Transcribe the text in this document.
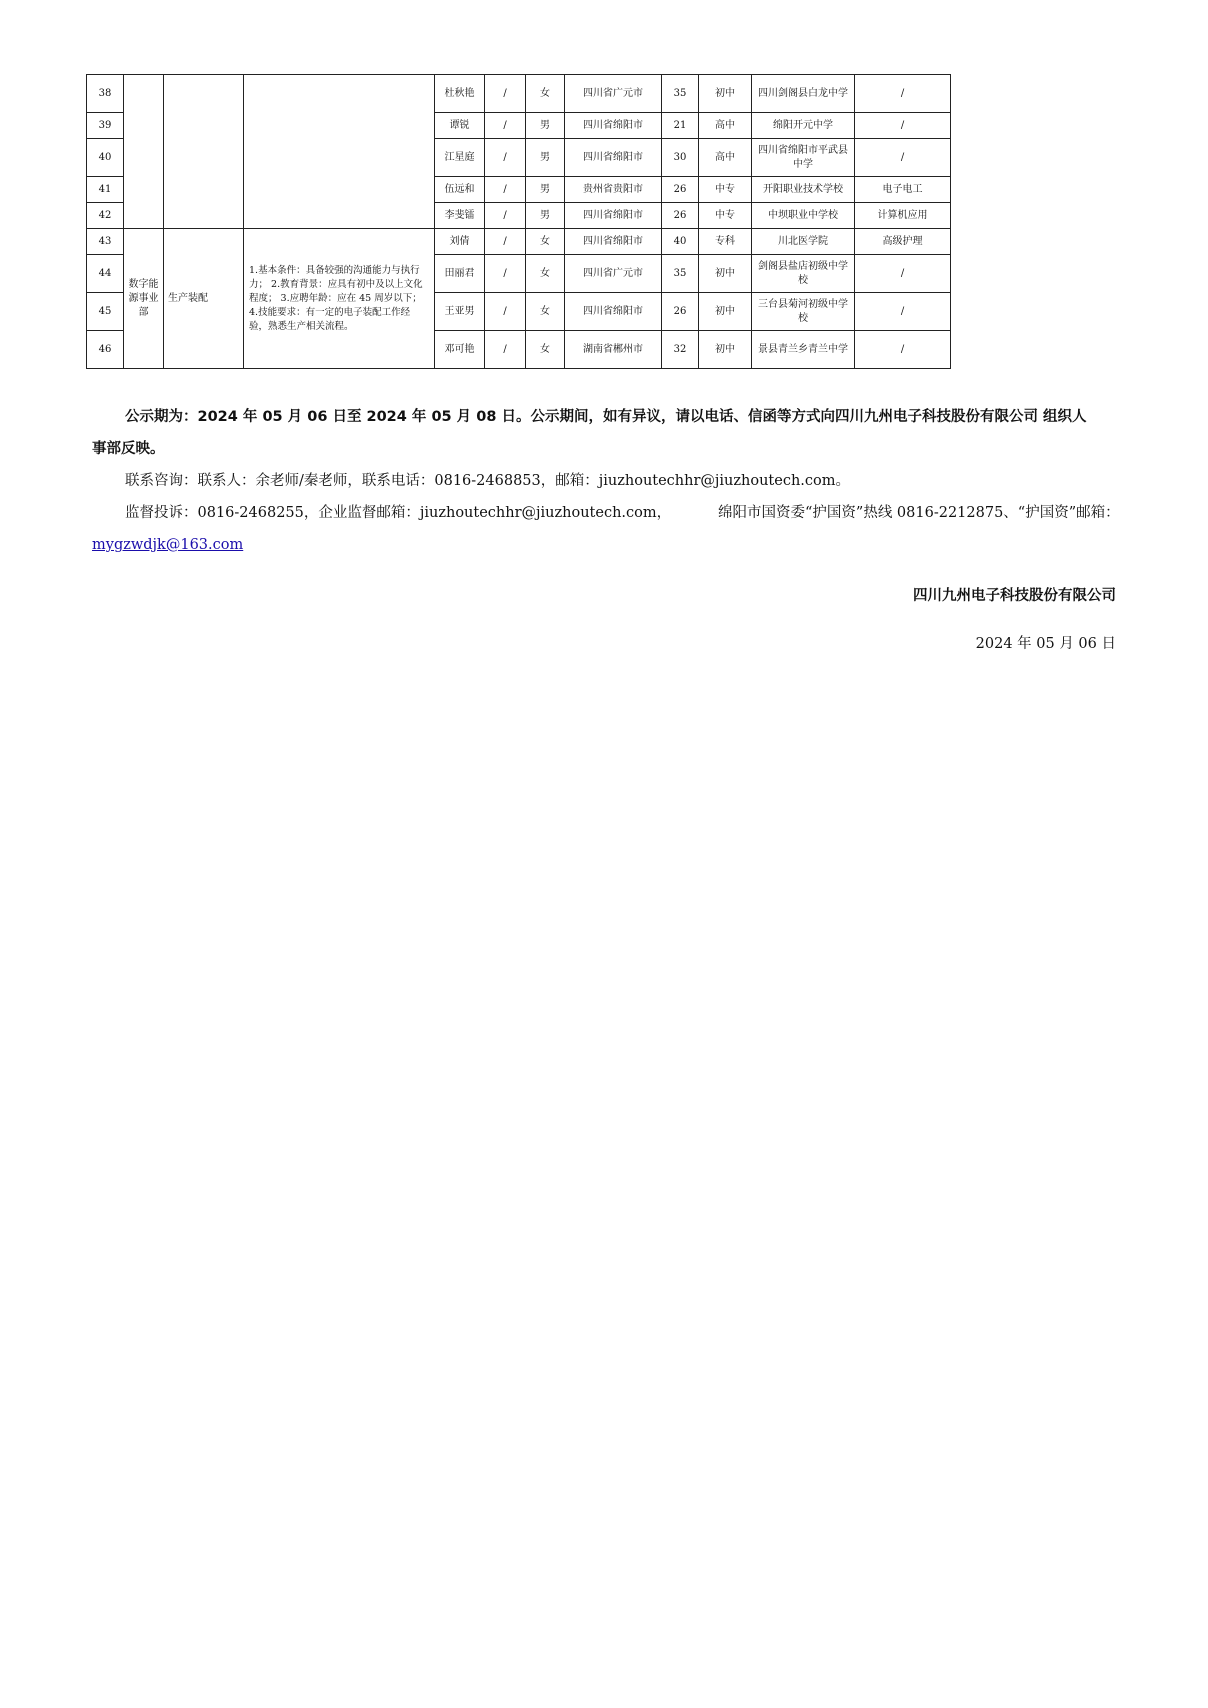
38				杜秋艳	/	女	四川省广元市	35	初中	四川剑阁县白龙中学	/
39				谭锐	/	男	四川省绵阳市	21	高中	绵阳开元中学	/
40				江星庭	/	男	四川省绵阳市	30	高中	四川省绵阳市平武县中学	/
41				伍远和	/	男	贵州省贵阳市	26	中专	开阳职业技术学校	电子电工
42				李斐镭	/	男	四川省绵阳市	26	中专	中坝职业中学校	计算机应用
43	数字能源事业部	生产装配	1.基本条件：具备较强的沟通能力与执行力； 2.教育背景：应具有初中及以上文化程度； 3.应聘年龄：应在 45 周岁以下； 4.技能要求：有一定的电子装配工作经验，熟悉生产相关流程。	刘倩	/	女	四川省绵阳市	40	专科	川北医学院	高级护理
44				田丽君	/	女	四川省广元市	35	初中	剑阁县盐店初级中学校	/
45				王亚男	/	女	四川省绵阳市	26	初中	三台县菊河初级中学校	/
46				邓可艳	/	女	湖南省郴州市	32	初中	景县青兰乡青兰中学	/
公示期为：2024 年 05 月 06 日至 2024 年 05 月 08 日。公示期间，如有异议，请以电话、信函等方式向四川九州电子科技股份有限公司 组织人
事部反映。
联系咨询：联系人：余老师/秦老师，联系电话：0816-2468853，邮箱：jiuzhoutechhr@jiuzhoutech.com。
监督投诉：0816-2468255，企业监督邮箱：jiuzhoutechhr@jiuzhoutech.com，	绵阳市国资委“护国资”热线 0816-2212875、“护国资”邮箱：
mygzwdjk@163.com
四川九州电子科技股份有限公司
2024 年 05 月 06 日
